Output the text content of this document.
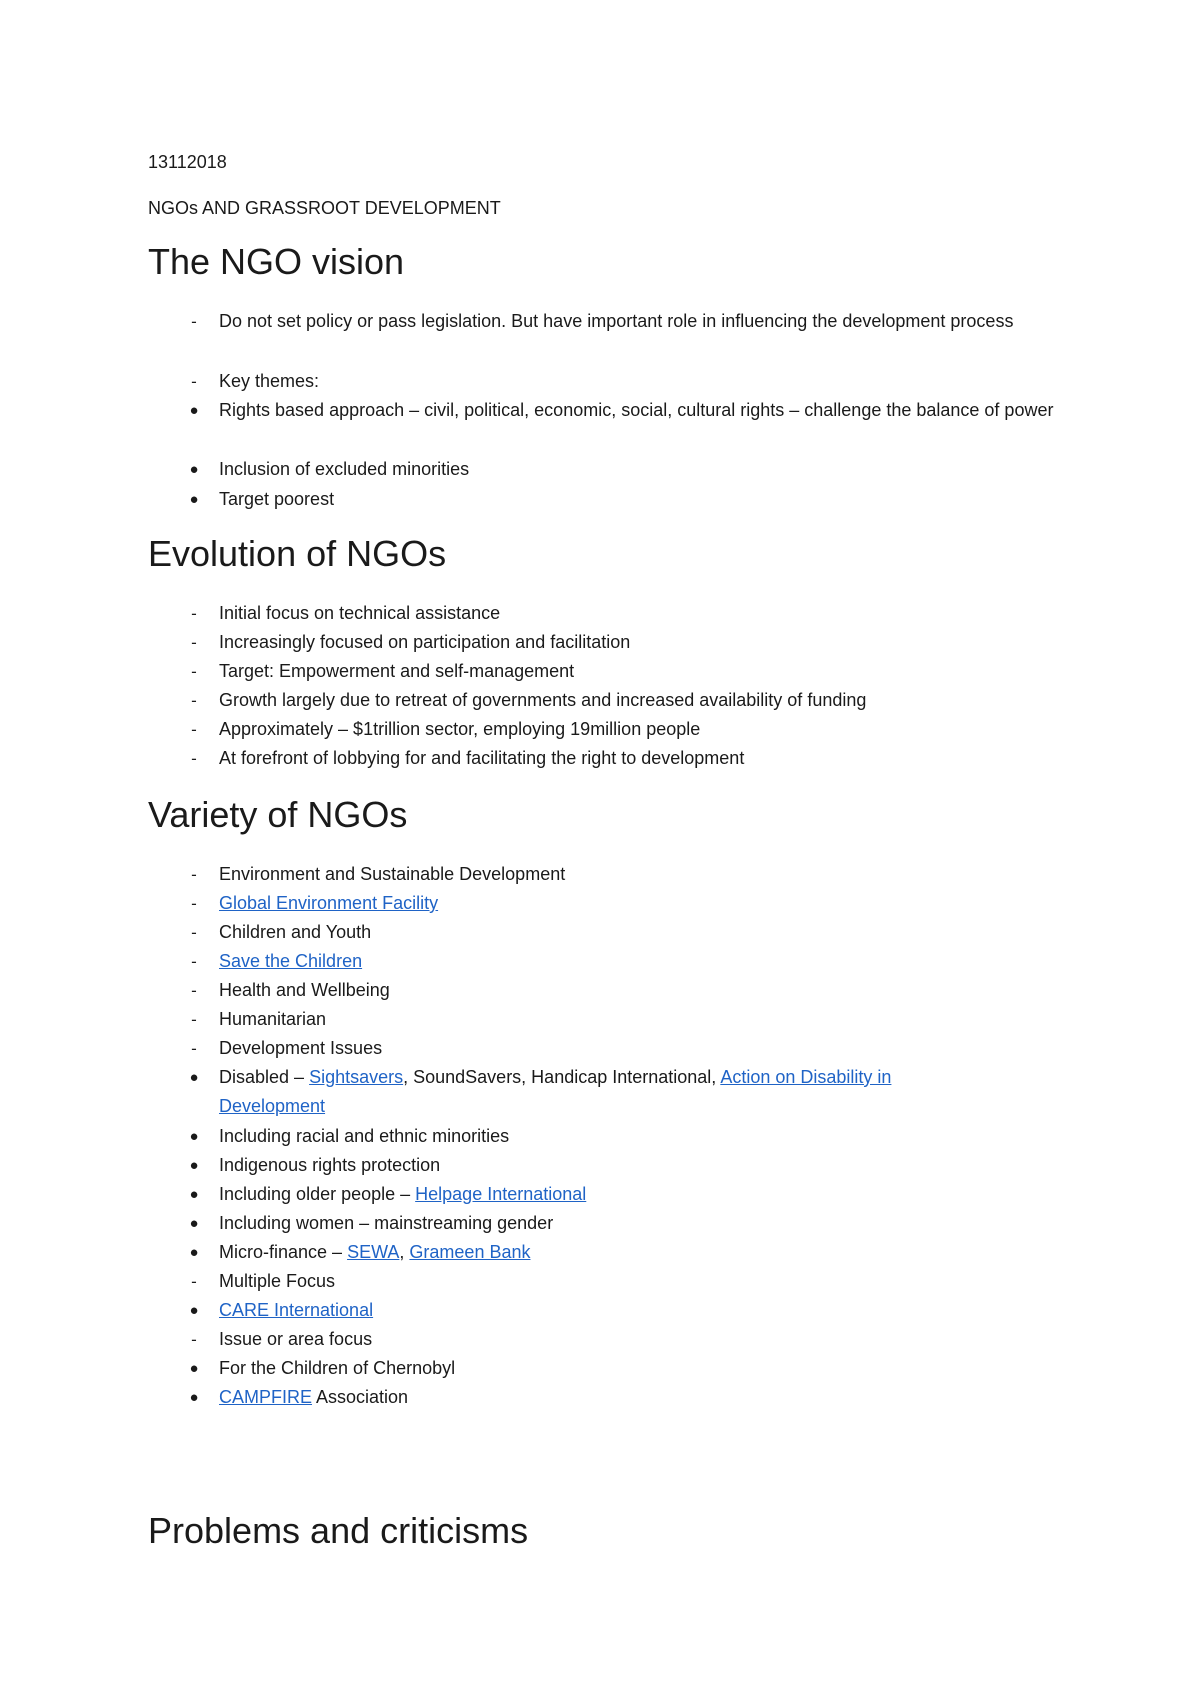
13112018

NGOs AND GRASSROOT DEVELOPMENT

The NGO vision
-	Do not set policy or pass legislation. But have important role in influencing the development process
-	Key themes:
●	Rights based approach – civil, political, economic, social, cultural rights – challenge the balance of power
●	Inclusion of excluded minorities
●	Target poorest
Evolution of NGOs
-	Initial focus on technical assistance
-	Increasingly focused on participation and facilitation
-	Target: Empowerment and self-management
-	Growth largely due to retreat of governments and increased availability of funding
-	Approximately – $1trillion sector, employing 19million people
-	At forefront of lobbying for and facilitating the right to development
Variety of NGOs
-	Environment and Sustainable Development
-	Global Environment Facility
-	Children and Youth
-	Save the Children
-	Health and Wellbeing
-	Humanitarian
-	Development Issues
●	Disabled – Sightsavers, SoundSavers, Handicap International, Action on Disability in Development
●	Including racial and ethnic minorities
●	Indigenous rights protection
●	Including older people – Helpage International
●	Including women – mainstreaming gender
●	Micro-finance – SEWA, Grameen Bank
-	Multiple Focus
●	CARE International
-	Issue or area focus
●	For the Children of Chernobyl
●	CAMPFIRE Association
Problems and criticisms
